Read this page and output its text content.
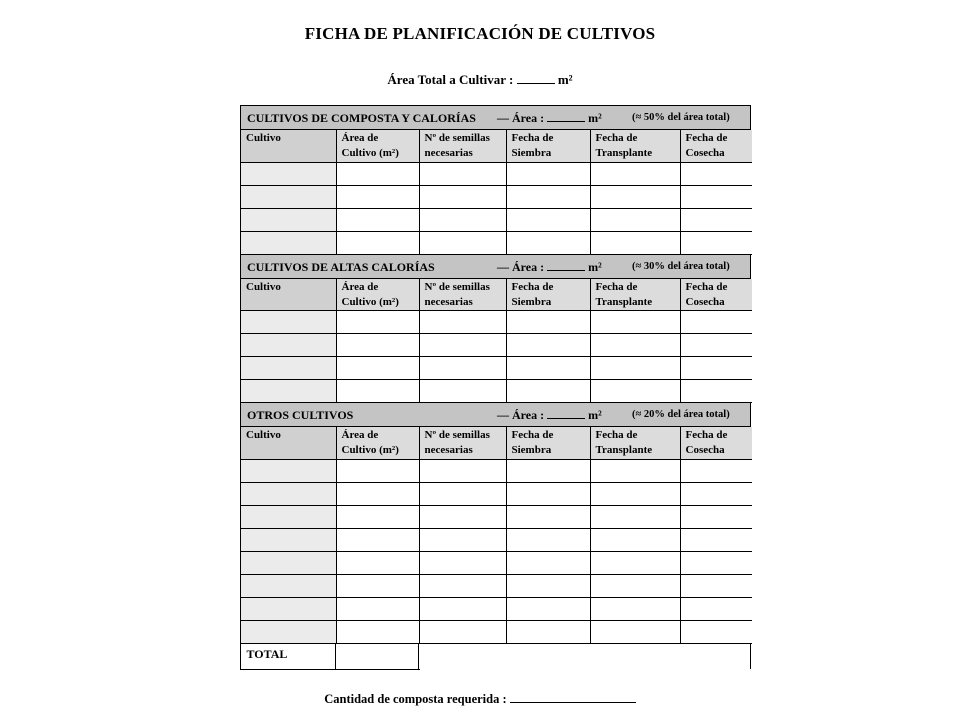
FICHA DE PLANIFICACIÓN DE CULTIVOS
Área Total a Cultivar :	m²
CULTIVOS DE COMPOSTA Y CALORÍAS — Área :	m²	(≈ 50% del área total)
Cultivo	Área de Cultivo (m²)	Nº de semillas necesarias	Fecha de Siembra	Fecha de Transplante	Fecha de Cosecha

CULTIVOS DE ALTAS CALORÍAS	— Área :	m²	(≈ 30% del área total)
Cultivo	Área de Cultivo (m²)	Nº de semillas necesarias	Fecha de Siembra	Fecha de Transplante	Fecha de Cosecha

OTROS CULTIVOS	— Área :	m²	(≈ 20% del área total)
Cultivo	Área de Cultivo (m²)	Nº de semillas necesarias	Fecha de Siembra	Fecha de Transplante	Fecha de Cosecha

TOTAL
Cantidad de composta requerida :
